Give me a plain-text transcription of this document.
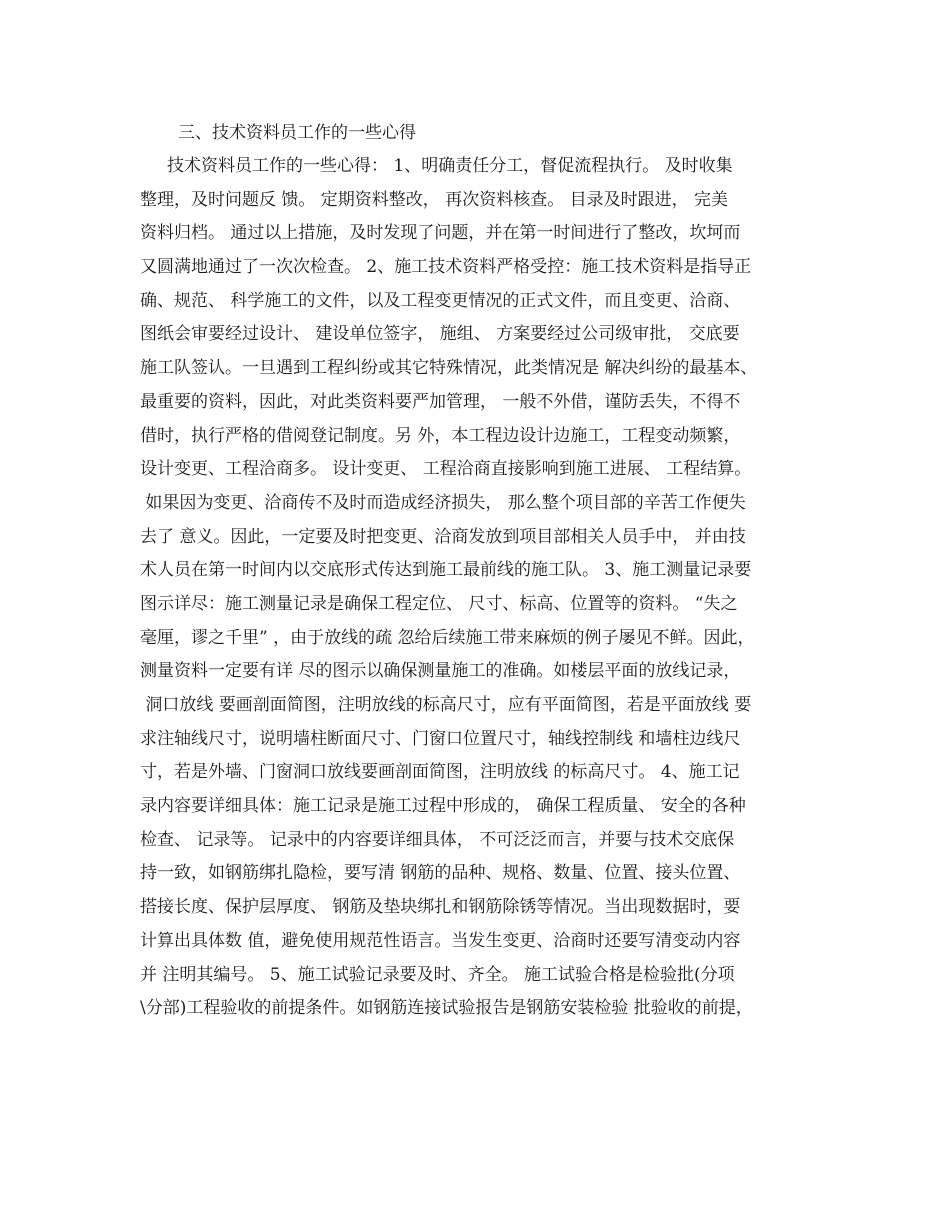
三、技术资料员工作的一些心得
技术资料员工作的一些心得： 1、明确责任分工，督促流程执行。 及时收集
整理，及时问题反 馈。 定期资料整改， 再次资料核查。 目录及时跟进， 完美
资料归档。 通过以上措施，及时发现了问题，并在第一时间进行了整改，坎坷而
又圆满地通过了一次次检查。 2、施工技术资料严格受控：施工技术资料是指导正
确、规范、 科学施工的文件，以及工程变更情况的正式文件，而且变更、洽商、
图纸会审要经过设计、 建设单位签字， 施组、 方案要经过公司级审批， 交底要
施工队签认。一旦遇到工程纠纷或其它特殊情况，此类情况是 解决纠纷的最基本、
最重要的资料，因此，对此类资料要严加管理， 一般不外借，谨防丢失，不得不
借时，执行严格的借阅登记制度。另 外，本工程边设计边施工，工程变动频繁，
设计变更、工程洽商多。 设计变更、 工程洽商直接影响到施工进展、 工程结算。
如果因为变更、洽商传不及时而造成经济损失， 那么整个项目部的辛苦工作便失
去了 意义。因此，一定要及时把变更、洽商发放到项目部相关人员手中， 并由技
术人员在第一时间内以交底形式传达到施工最前线的施工队。 3、施工测量记录要
图示详尽：施工测量记录是确保工程定位、 尺寸、标高、位置等的资料。 “失之
毫厘，谬之千里” ，由于放线的疏 忽给后续施工带来麻烦的例子屡见不鲜。因此，
测量资料一定要有详 尽的图示以确保测量施工的准确。如楼层平面的放线记录，
洞口放线 要画剖面简图，注明放线的标高尺寸，应有平面简图，若是平面放线 要
求注轴线尺寸，说明墙柱断面尺寸、门窗口位置尺寸，轴线控制线 和墙柱边线尺
寸，若是外墙、门窗洞口放线要画剖面简图，注明放线 的标高尺寸。 4、施工记
录内容要详细具体：施工记录是施工过程中形成的， 确保工程质量、 安全的各种
检查、 记录等。 记录中的内容要详细具体， 不可泛泛而言，并要与技术交底保
持一致，如钢筋绑扎隐检，要写清 钢筋的品种、规格、数量、位置、接头位置、
搭接长度、保护层厚度、 钢筋及垫块绑扎和钢筋除锈等情况。当出现数据时，要
计算出具体数 值，避免使用规范性语言。当发生变更、洽商时还要写清变动内容
并 注明其编号。 5、施工试验记录要及时、齐全。 施工试验合格是检验批(分项
\分部)工程验收的前提条件。如钢筋连接试验报告是钢筋安装检验 批验收的前提，
